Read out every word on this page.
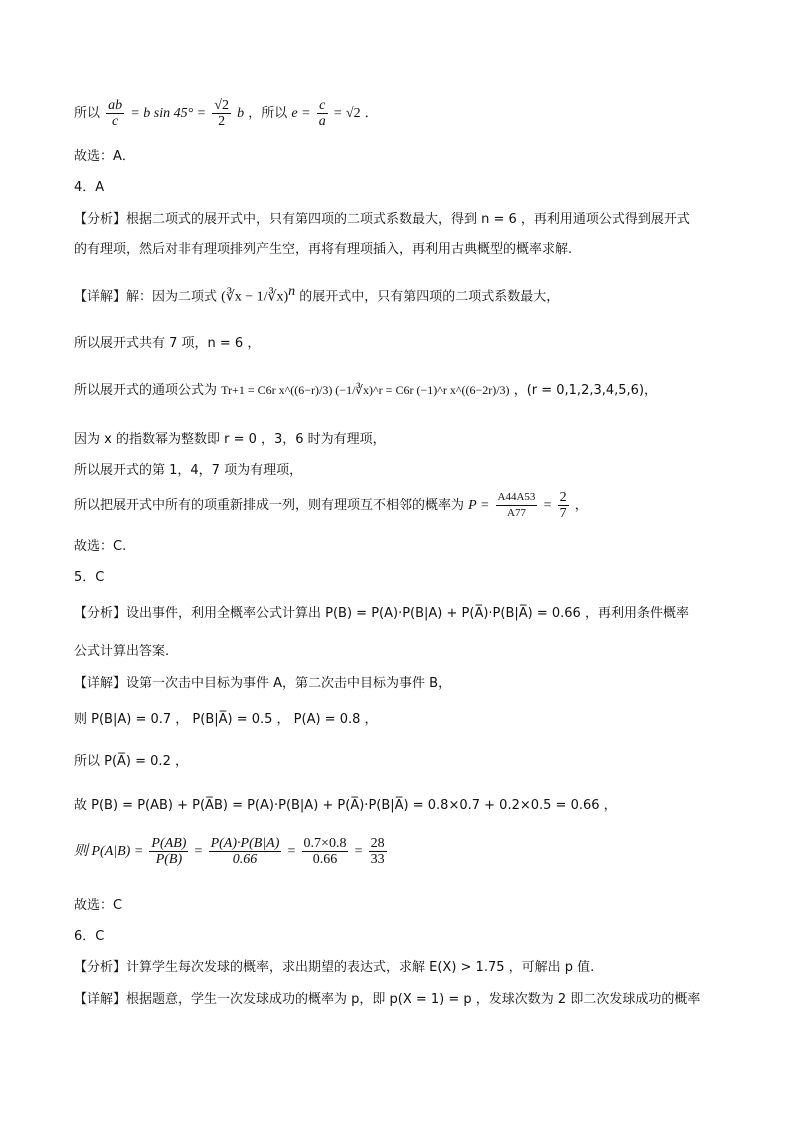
所以 $\frac{ab}{c} = b$ $\sin 45^\circ = \frac{√2}{2}$ b ，所以 $e = \frac{c}{a} = √2$ ．
故选：A．
4．A
【分析】根据二项式的展开式中，只有第四项的二项式系数最大，得到 n = 6 ，再利用通项公式得到展开式
的有理项，然后对非有理项排列产生空，再将有理项插入，再利用古典概型的概率求解.
【详解】解：因为二项式 (∛x − 1/∛x)$^n$ 的展开式中，只有第四项的二项式系数最大，
所以展开式共有 7 项，n = 6 ，
所以展开式的通项公式为 Tr+1 = C6r x^((6−r)/3) (−1/∛x)^r = C6r (−1)^r x^((6−2r)/3) ，(r = 0,1,2,3,4,5,6)，
因为 x 的指数幂为整数即 r = 0 ，3，6 时为有理项，
所以展开式的第 1，4，7 项为有理项，
所以把展开式中所有的项重新排成一列，则有理项互不相邻的概率为 $P = \frac{A44A53}{A77} = \frac{2}{7}$ ，
故选：C.
5．C
【分析】设出事件，利用全概率公式计算出 P(B) = P(A)·P(B|A) + P(A̅)·P(B|A̅) = 0.66 ，再利用条件概率
公式计算出答案.
【详解】设第一次击中目标为事件 A，第二次击中目标为事件 B，
则 P(B|A) = 0.7 ， P(B|A̅) = 0.5 ， P(A) = 0.8 ，
所以 P(A̅) = 0.2 ，
故 P(B) = P(AB) + P(A̅B) = P(A)·P(B|A) + P(A̅)·P(B|A̅) = 0.8×0.7 + 0.2×0.5 = 0.66 ，
则 $P(A|B) = \frac{P(AB)}{P(B)} = \frac{P(A)\cdot P(B|A)}{0.66} = \frac{0.7\times 0.8}{0.66} = \frac{28}{33}$
故选：C
6．C
【分析】计算学生每次发球的概率，求出期望的表达式，求解 E(X) > 1.75 ，可解出 p 值.
【详解】根据题意，学生一次发球成功的概率为 p，即 p(X = 1) = p ，发球次数为 2 即二次发球成功的概率
